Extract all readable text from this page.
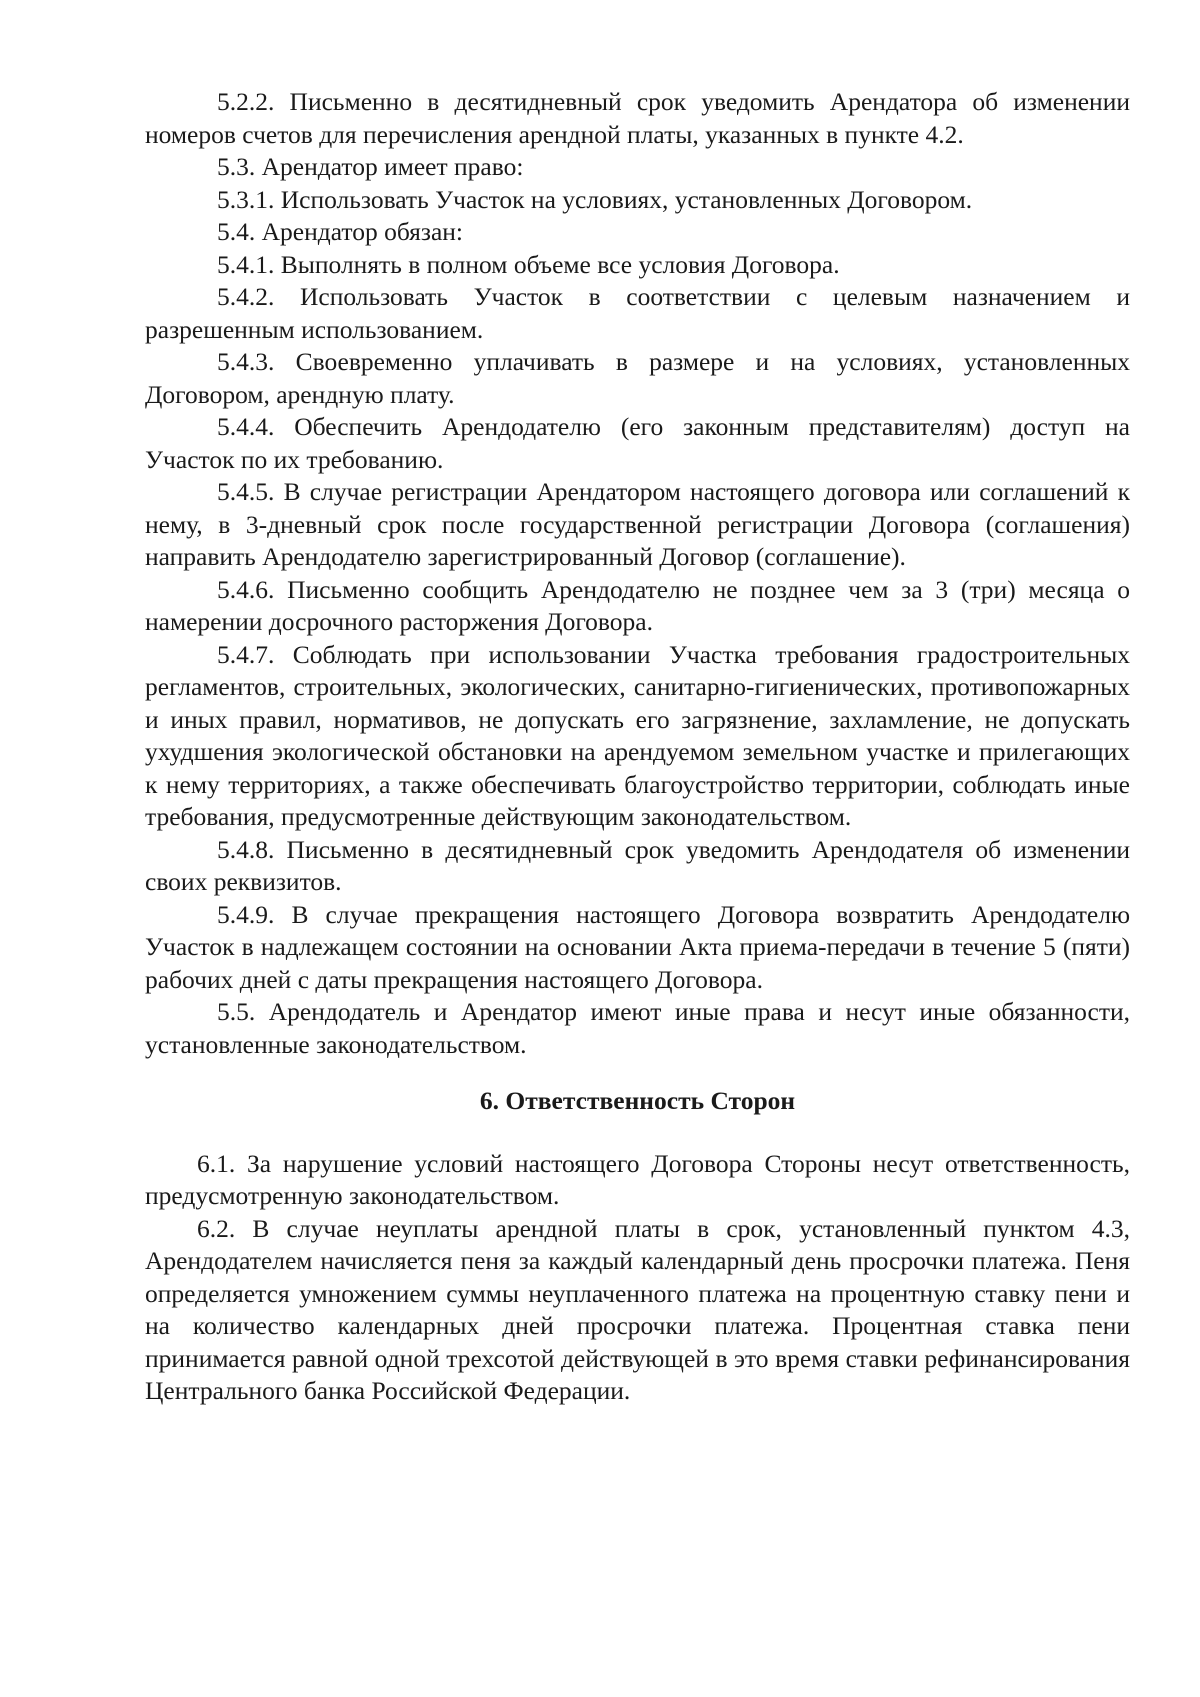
5.2.2. Письменно в десятидневный срок уведомить Арендатора об изменении номеров счетов для перечисления арендной платы, указанных в пункте 4.2.

5.3. Арендатор имеет право:

5.3.1. Использовать Участок на условиях, установленных Договором.

5.4. Арендатор обязан:

5.4.1. Выполнять в полном объеме все условия Договора.

5.4.2. Использовать Участок в соответствии с целевым назначением и разрешенным использованием.

5.4.3. Своевременно уплачивать в размере и на условиях, установленных Договором, арендную плату.

5.4.4. Обеспечить Арендодателю (его законным представителям) доступ на Участок по их требованию.

5.4.5. В случае регистрации Арендатором настоящего договора или соглашений к нему, в 3-дневный срок после государственной регистрации Договора (соглашения) направить Арендодателю зарегистрированный Договор (соглашение).

5.4.6. Письменно сообщить Арендодателю не позднее чем за 3 (три) месяца о намерении досрочного расторжения Договора.

5.4.7. Соблюдать при использовании Участка требования градостроительных регламентов, строительных, экологических, санитарно-гигиенических, противопожарных и иных правил, нормативов, не допускать его загрязнение, захламление, не допускать ухудшения экологической обстановки на арендуемом земельном участке и прилегающих к нему территориях, а также обеспечивать благоустройство территории, соблюдать иные требования, предусмотренные действующим законодательством.

5.4.8. Письменно в десятидневный срок уведомить Арендодателя об изменении своих реквизитов.

5.4.9. В случае прекращения настоящего Договора возвратить Арендодателю Участок в надлежащем состоянии на основании Акта приема-передачи в течение 5 (пяти) рабочих дней с даты прекращения настоящего Договора.

5.5. Арендодатель и Арендатор имеют иные права и несут иные обязанности, установленные законодательством.

6. Ответственность Сторон

6.1. За нарушение условий настоящего Договора Стороны несут ответственность, предусмотренную законодательством.

6.2. В случае неуплаты арендной платы в срок, установленный пунктом 4.3, Арендодателем начисляется пеня за каждый календарный день просрочки платежа. Пеня определяется умножением суммы неуплаченного платежа на процентную ставку пени и на количество календарных дней просрочки платежа. Процентная ставка пени принимается равной одной трехсотой действующей в это время ставки рефинансирования Центрального банка Российской Федерации.
